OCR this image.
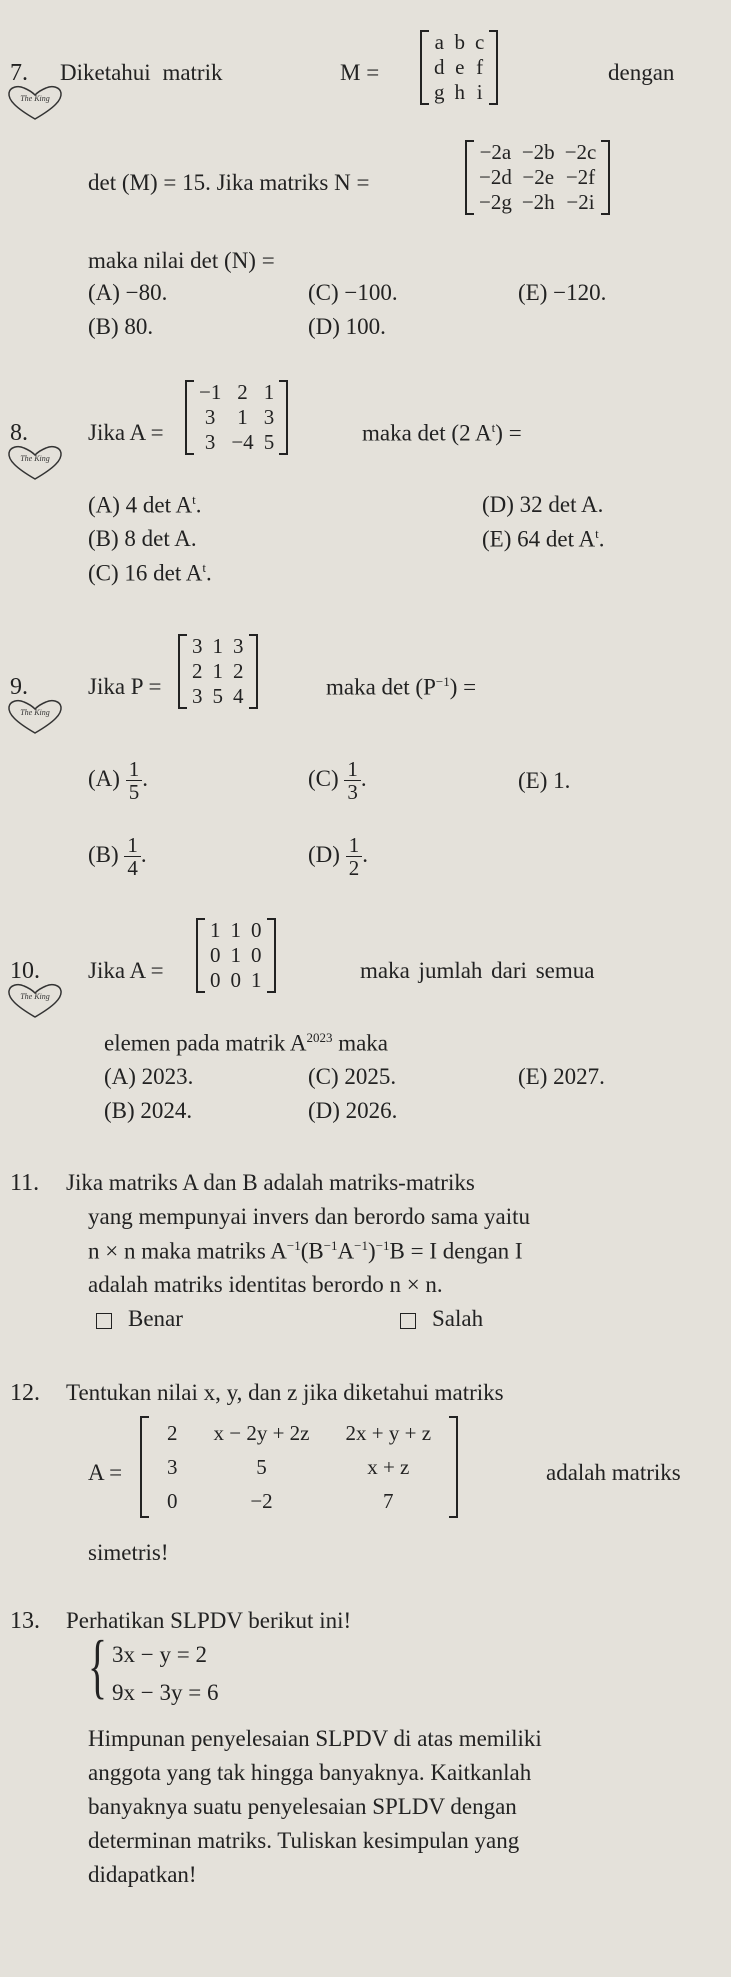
7.
The King
Diketahui matrik	M =
a	b	c
d	e	f
g	h	i
dengan
det (M) = 15. Jika matriks N =
−2a	−2b	−2c
−2d	−2e	−2f
−2g	−2h	−2i
maka nilai det (N) =
(A) −80.
(B) 80.
(C) −100.
(D) 100.
(E) −120.
8.
The King
Jika A =
−1	2	1
3	1	3
3	−4	5	maka det (2 $A^t$) =
(A) 4 $\det A^t$.
(B) 8 det A.
(C) 16 $\det A^t$.
(D) 32 det A.
(E) 64 $\det A^t$.
9.
The King
Jika P =
3	1	3
2	1	2
3	5	4	maka $\det (P^{-1})$ =
$(A) \frac{1}{5}$ .
$(B) \frac{1}{4}$ .
$(C) \frac{1}{3}$ .
$(D) \frac{1}{2}$ .
(E) 1.
10.
The King
Jika A =
1	1	0
0	1	0
0	0	1	maka jumlah dari semua
elemen pada matrik $A^{2023}$ maka
(A) 2023.
(B) 2024.
(C) 2025.
(D) 2026.
(E) 2027.
11. Jika matriks A dan B adalah matriks-matriks
yang mempunyai invers dan berordo sama yaitu
n × n maka matriks $A^{-1}(B^{-1}A^{-1})^{-1}B = I$ dengan I
adalah matriks identitas berordo n × n.
Benar	Salah
12. Tentukan nilai x, y, dan z jika diketahui matriks
A =
2	x − 2y + 2z	2x + y + z
3	5	x + z
0	−2	7
adalah matriks
simetris!
13. Perhatikan SLPDV berikut ini!
{ 3x − y = 2
9x − 3y = 6
Himpunan penyelesaian SLPDV di atas memiliki
anggota yang tak hingga banyaknya. Kaitkanlah
banyaknya suatu penyelesaian SPLDV dengan
determinan matriks. Tuliskan kesimpulan yang
didapatkan!
